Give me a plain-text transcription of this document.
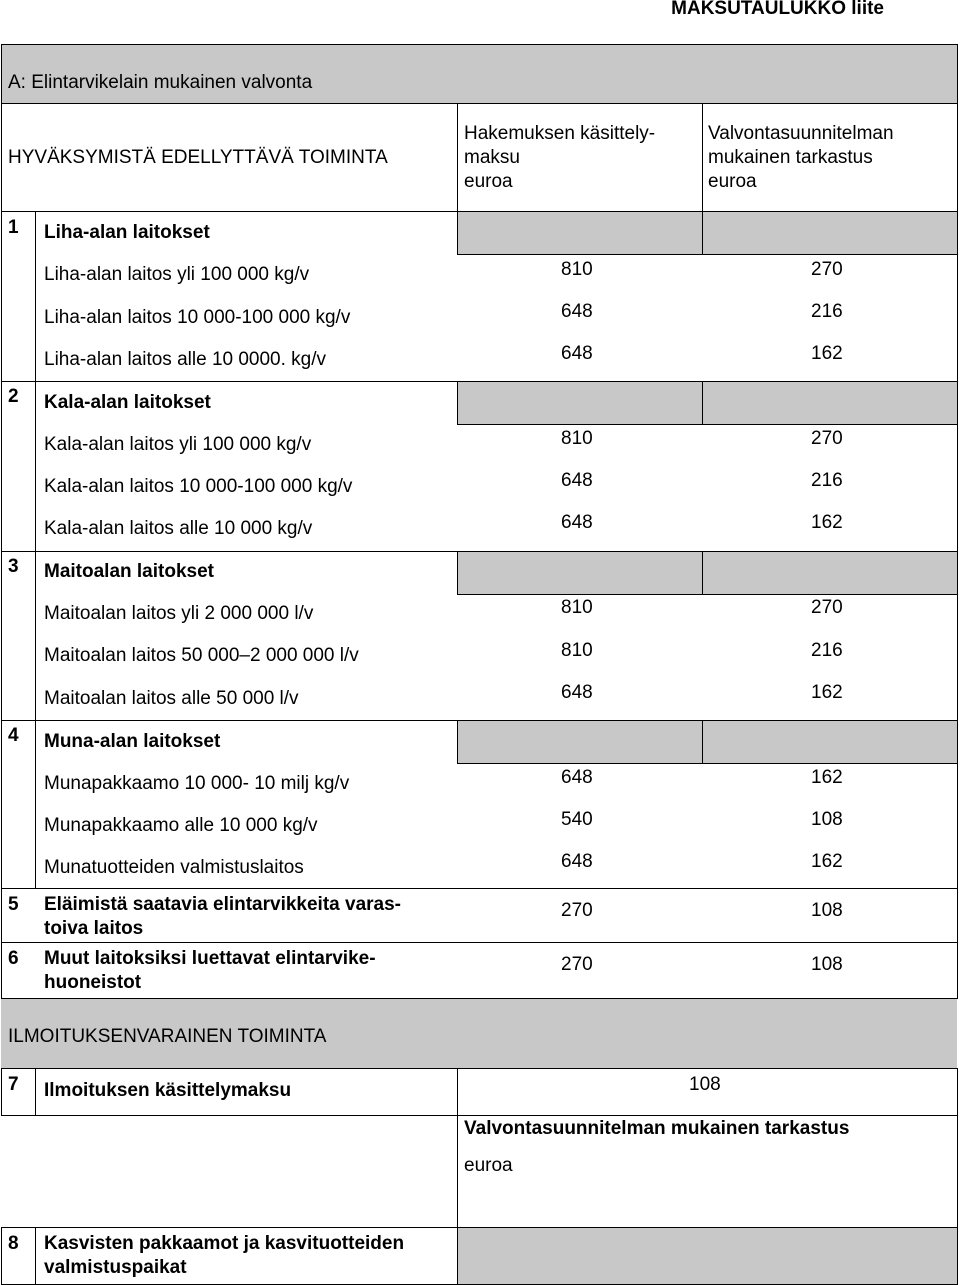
MAKSUTAULUKKO liite
A: Elintarvikelain mukainen valvonta
HYVÄKSYMISTÄ EDELLYTTÄVÄ TOIMINTA
Hakemuksen käsittely-
maksu
euroa
Valvontasuunnitelman
mukainen tarkastus
euroa
1 Liha-alan laitokset
Liha-alan laitos yli 100 000 kg/v	810	270
Liha-alan laitos 10 000-100 000 kg/v	648	216
Liha-alan laitos alle 10 0000. kg/v	648	162
2 Kala-alan laitokset
Kala-alan laitos yli 100 000 kg/v	810	270
Kala-alan laitos 10 000-100 000 kg/v	648	216
Kala-alan laitos alle 10 000 kg/v	648	162
3 Maitoalan laitokset
Maitoalan laitos yli 2 000 000 l/v	810	270
Maitoalan laitos 50 000–2 000 000 l/v	810	216
Maitoalan laitos alle 50 000 l/v	648	162
4 Muna-alan laitokset
Munapakkaamo 10 000- 10 milj kg/v	648	162
Munapakkaamo alle 10 000 kg/v	540	108
Munatuotteiden valmistuslaitos	648	162
5 Eläimistä saatavia elintarvikkeita varas-
toiva laitos
270	108
6 Muut laitoksiksi luettavat elintarvike-
huoneistot
270	108
ILMOITUKSENVARAINEN TOIMINTA
7 Ilmoituksen käsittelymaksu	108
Valvontasuunnitelman mukainen tarkastus
euroa
8 Kasvisten pakkaamot ja kasvituotteiden
valmistuspaikat
